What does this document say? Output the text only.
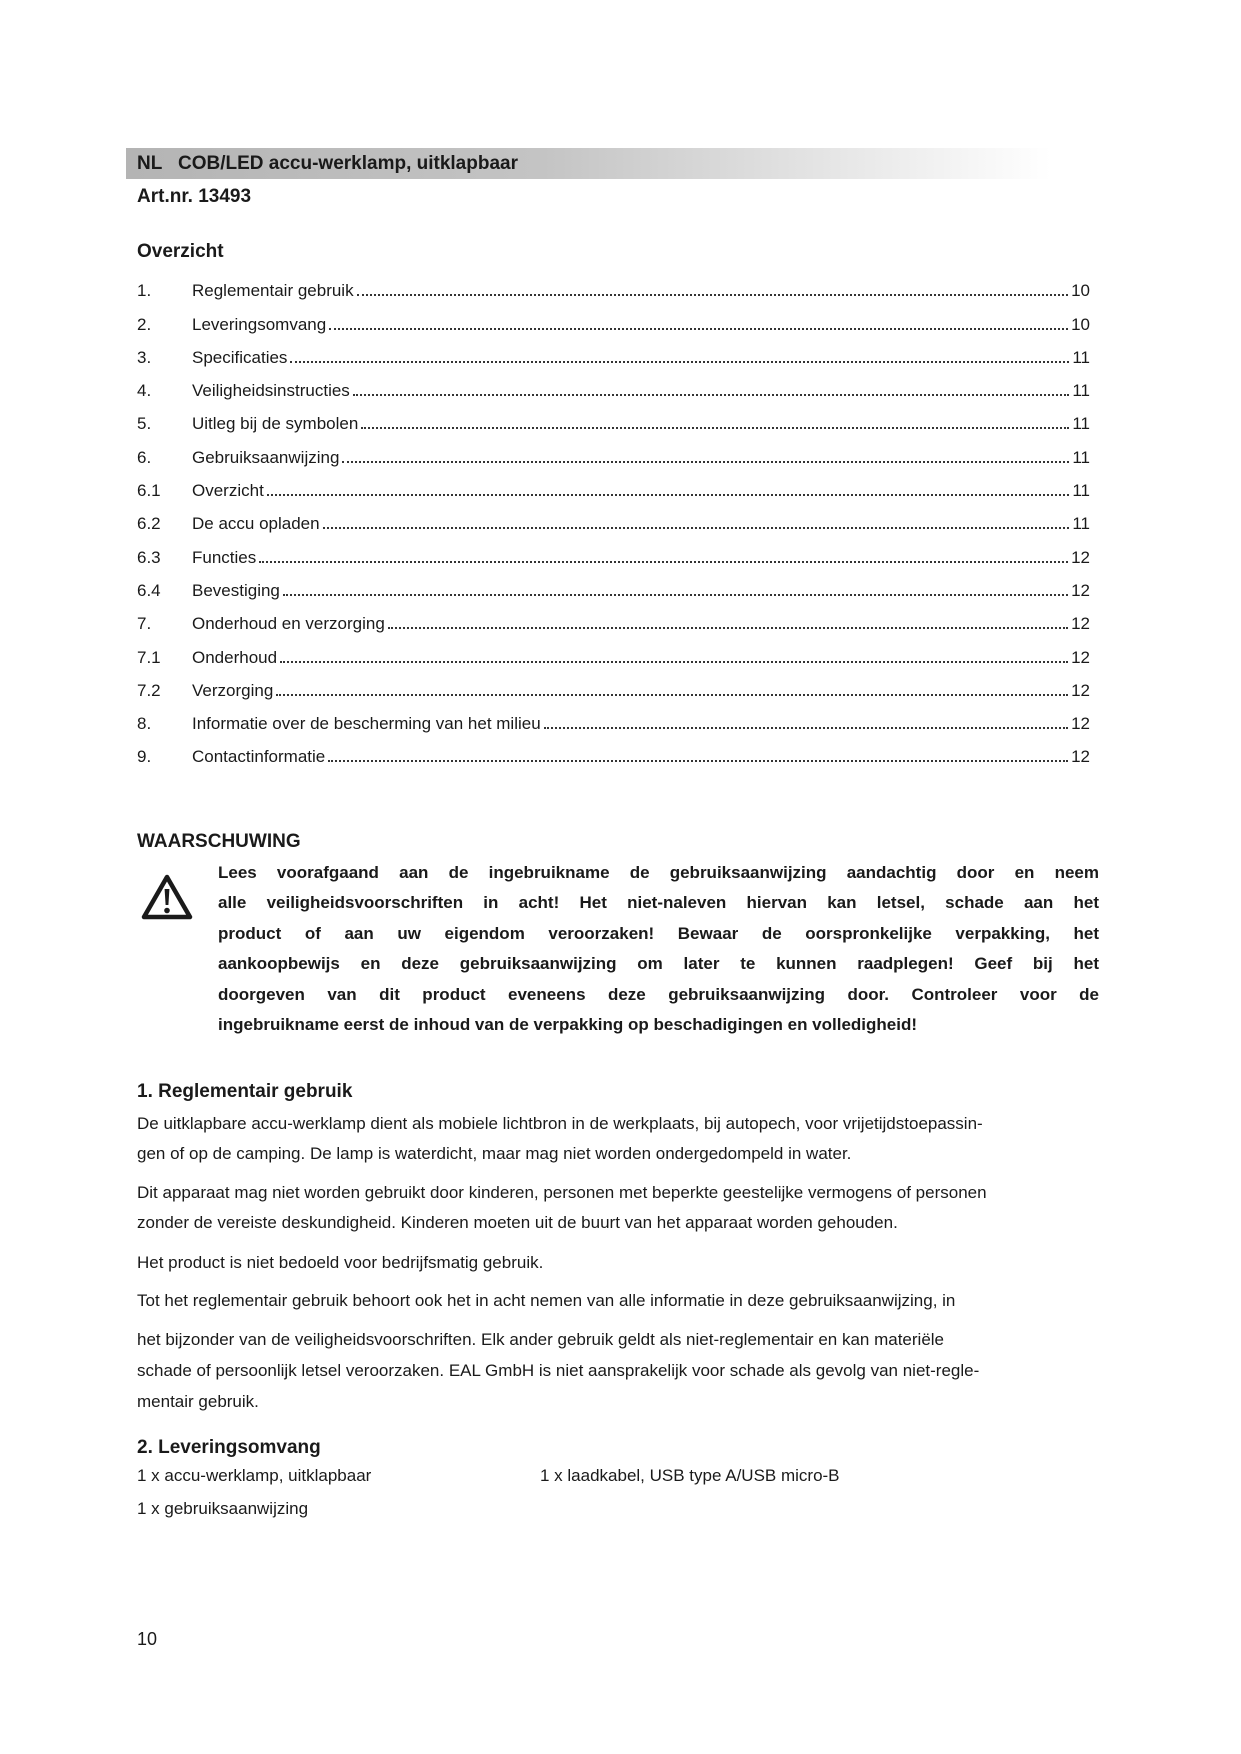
NL COB/LED accu-werklamp, uitklapbaar
Art.nr. 13493
Overzicht
1.	Reglementair gebruik	10
2.	Leveringsomvang	10
3.	Specificaties	11
4.	Veiligheidsinstructies	11
5.	Uitleg bij de symbolen	11
6.	Gebruiksaanwijzing	11
6.1	Overzicht	11
6.2	De accu opladen	11
6.3	Functies	12
6.4	Bevestiging	12
7.	Onderhoud en verzorging	12
7.1	Onderhoud	12
7.2	Verzorging	12
8.	Informatie over de bescherming van het milieu	12
9.	Contactinformatie	12
WAARSCHUWING
Lees voorafgaand aan de ingebruikname de gebruiksaanwijzing aandachtig door en neem
alle veiligheidsvoorschriften in acht! Het niet-naleven hiervan kan letsel, schade aan het
product of aan uw eigendom veroorzaken! Bewaar de oorspronkelijke verpakking, het
aankoopbewijs en deze gebruiksaanwijzing om later te kunnen raadplegen! Geef bij het
doorgeven van dit product eveneens deze gebruiksaanwijzing door. Controleer voor de
ingebruikname eerst de inhoud van de verpakking op beschadigingen en volledigheid!
1. Reglementair gebruik
De uitklapbare accu-werklamp dient als mobiele lichtbron in de werkplaats, bij autopech, voor vrijetijdstoepassin-
gen of op de camping. De lamp is waterdicht, maar mag niet worden ondergedompeld in water.
Dit apparaat mag niet worden gebruikt door kinderen, personen met beperkte geestelijke vermogens of personen
zonder de vereiste deskundigheid. Kinderen moeten uit de buurt van het apparaat worden gehouden.
Het product is niet bedoeld voor bedrijfsmatig gebruik.
Tot het reglementair gebruik behoort ook het in acht nemen van alle informatie in deze gebruiksaanwijzing, in
het bijzonder van de veiligheidsvoorschriften. Elk ander gebruik geldt als niet-reglementair en kan materiële
schade of persoonlijk letsel veroorzaken. EAL GmbH is niet aansprakelijk voor schade als gevolg van niet-regle-
mentair gebruik.
2. Leveringsomvang
1 x accu-werklamp, uitklapbaar	1 x laadkabel, USB type A/USB micro-B
1 x gebruiksaanwijzing
10
